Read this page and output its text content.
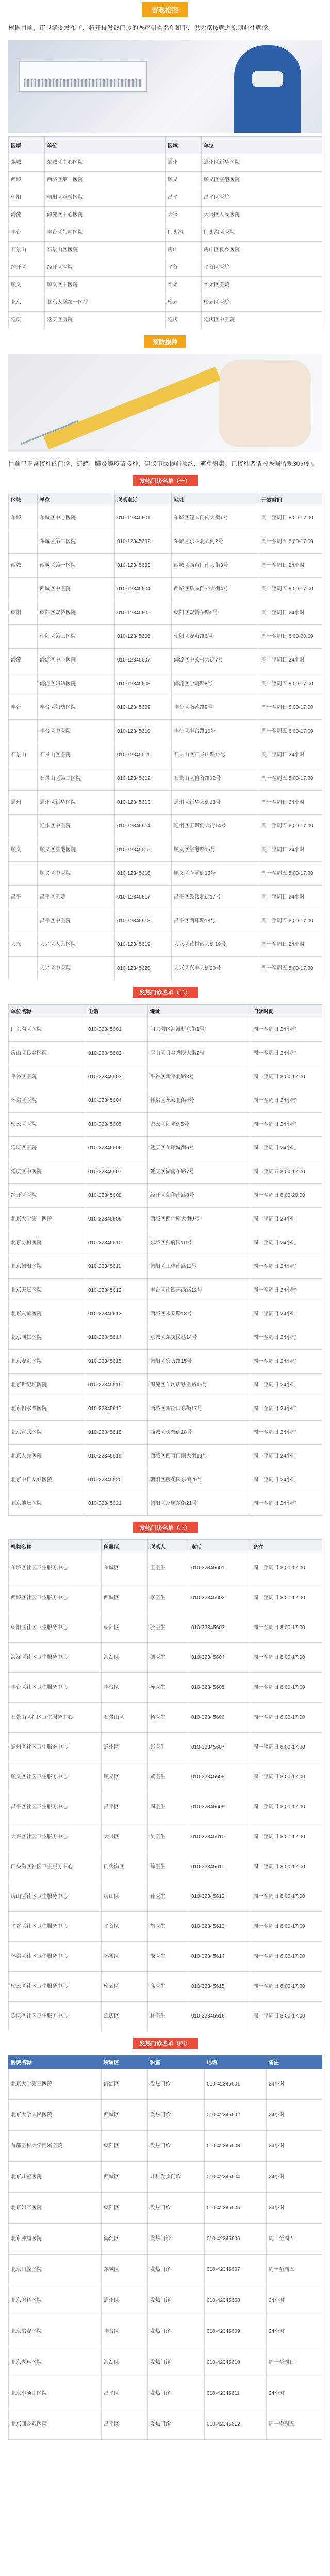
留观指南

根据目前，市卫健委发布了，将开设发热门诊的医疗机构名单如下，供大家按就近原则前往就诊。

区域	单位	区域	单位
东城	东城区中心医院	通州	通州区新华医院
西城	西城区第一医院	顺义	顺义区空港医院
朝阳	朝阳区双桥医院	昌平	昌平区医院
海淀	海淀区中心医院	大兴	大兴区人民医院
丰台	丰台区妇幼医院	门头沟	门头沟区医院
石景山	石景山区医院	房山	房山区良乡医院
经开区	经开区医院	平谷	平谷区医院
顺义	顺义区中医院	怀柔	怀柔区医院
北京	北京大学第一医院	密云	密云区医院
延庆	延庆区医院	延庆	延庆区中医院
预防接种

目前已正常接种的门诊，流感、肺炎等疫苗接种，建议市民提前预约，避免聚集。已接种者请按医嘱留观30分钟。

发热门诊名单（一）
区域	单位	联系电话	地址	开放时间
东城	东城区中心医院	010-12345601	东城区建国门内大街1号	周一至周日 8:00-17:00
	东城区第二医院	010-12345602	东城区东四北大街2号	周一至周五 8:00-17:00
西城	西城区第一医院	010-12345603	西城区西直门南大街3号	周一至周日 24小时
	西城区中医院	010-12345604	西城区阜成门外大街4号	周一至周五 8:00-17:00
朝阳	朝阳区双桥医院	010-12345605	朝阳区双桥东路5号	周一至周日 24小时
	朝阳区第三医院	010-12345606	朝阳区安贞路6号	周一至周日 8:00-20:00
海淀	海淀区中心医院	010-12345607	海淀区中关村大街7号	周一至周日 24小时
	海淀区妇幼医院	010-12345608	海淀区学院路8号	周一至周五 8:00-17:00
丰台	丰台区妇幼医院	010-12345609	丰台区南苑路9号	周一至周日 8:00-17:00
	丰台区中医院	010-12345610	丰台区丰台路10号	周一至周五 8:00-17:00
石景山	石景山区医院	010-12345611	石景山区石景山路11号	周一至周日 24小时
	石景山区第二医院	010-12345612	石景山区鲁谷路12号	周一至周五 8:00-17:00
通州	通州区新华医院	010-12345613	通州区新华大街13号	周一至周日 24小时
	通州区中医院	010-12345614	通州区玉带河大街14号	周一至周五 8:00-17:00
顺义	顺义区空港医院	010-12345615	顺义区空港路15号	周一至周日 24小时
	顺义区中医院	010-12345616	顺义区府前街16号	周一至周五 8:00-17:00
昌平	昌平区医院	010-12345617	昌平区鼓楼北街17号	周一至周日 24小时
	昌平区中医院	010-12345618	昌平区西环路18号	周一至周五 8:00-17:00
大兴	大兴区人民医院	010-12345619	大兴区黄村西大街19号	周一至周日 24小时
	大兴区中医院	010-12345620	大兴区兴丰大街20号	周一至周五 8:00-17:00
发热门诊名单（二）
单位名称	电话	地址	门诊时间
门头沟区医院	010-22345601	门头沟区河滩桥东街1号	周一至周日 24小时
房山区良乡医院	010-22345602	房山区良乡拱辰大街2号	周一至周日 24小时
平谷区医院	010-22345603	平谷区新平北路3号	周一至周日 8:00-17:00
怀柔区医院	010-22345604	怀柔区永泰北街4号	周一至周日 24小时
密云区医院	010-22345605	密云区阳光街5号	周一至周日 24小时
延庆区医院	010-22345606	延庆区东顺城街6号	周一至周日 24小时
延庆区中医院	010-22345607	延庆区湖南东路7号	周一至周五 8:00-17:00
经开区医院	010-22345608	经开区荣华南路8号	周一至周日 8:00-20:00
北京大学第一医院	010-22345609	西城区西什库大街9号	周一至周日 24小时
北京协和医院	010-22345610	东城区帅府园10号	周一至周日 24小时
北京朝阳医院	010-22345611	朝阳区工体南路11号	周一至周日 24小时
北京天坛医院	010-22345612	丰台区南四环西路12号	周一至周日 24小时
北京友谊医院	010-22345613	西城区永安路13号	周一至周日 24小时
北京同仁医院	010-22345614	东城区东交民巷14号	周一至周日 24小时
北京安贞医院	010-22345615	朝阳区安贞路15号	周一至周日 24小时
北京世纪坛医院	010-22345616	海淀区羊坊店铁医路16号	周一至周日 24小时
北京积水潭医院	010-22345617	西城区新街口东街17号	周一至周日 24小时
北京宣武医院	010-22345618	西城区长椿街18号	周一至周日 24小时
北京人民医院	010-22345619	西城区西直门南大街19号	周一至周日 24小时
北京中日友好医院	010-22345620	朝阳区樱花园东街20号	周一至周日 24小时
北京地坛医院	010-22345621	朝阳区京顺东街21号	周一至周日 24小时
发热门诊名单（三）
机构名称	所属区	联系人	电话	备注
东城区社区卫生服务中心	东城区	王医生	010-32345601	周一至周日 8:00-17:00
西城区社区卫生服务中心	西城区	李医生	010-32345602	周一至周日 8:00-17:00
朝阳区社区卫生服务中心	朝阳区	张医生	010-32345603	周一至周日 8:00-17:00
海淀区社区卫生服务中心	海淀区	刘医生	010-32345604	周一至周日 8:00-17:00
丰台区社区卫生服务中心	丰台区	陈医生	010-32345605	周一至周日 8:00-17:00
石景山区社区卫生服务中心	石景山区	杨医生	010-32345606	周一至周日 8:00-17:00
通州区社区卫生服务中心	通州区	赵医生	010-32345607	周一至周日 8:00-17:00
顺义区社区卫生服务中心	顺义区	黄医生	010-32345608	周一至周日 8:00-17:00
昌平区社区卫生服务中心	昌平区	周医生	010-32345609	周一至周日 8:00-17:00
大兴区社区卫生服务中心	大兴区	吴医生	010-32345610	周一至周日 8:00-17:00
门头沟区社区卫生服务中心	门头沟区	徐医生	010-32345611	周一至周日 8:00-17:00
房山区社区卫生服务中心	房山区	孙医生	010-32345612	周一至周日 8:00-17:00
平谷区社区卫生服务中心	平谷区	胡医生	010-32345613	周一至周日 8:00-17:00
怀柔区社区卫生服务中心	怀柔区	朱医生	010-32345614	周一至周日 8:00-17:00
密云区社区卫生服务中心	密云区	高医生	010-32345615	周一至周日 8:00-17:00
延庆区社区卫生服务中心	延庆区	林医生	010-32345616	周一至周日 8:00-17:00
发热门诊名单（四）
医院名称	所属区	科室	电话	备注
北京大学第三医院	海淀区	发热门诊	010-42345601	24小时
北京大学人民医院	西城区	发热门诊	010-42345602	24小时
首都医科大学附属医院	朝阳区	发热门诊	010-42345603	24小时
北京儿童医院	西城区	儿科发热门诊	010-42345604	24小时
北京妇产医院	朝阳区	发热门诊	010-42345605	24小时
北京肿瘤医院	海淀区	发热门诊	010-42345606	周一至周五
北京口腔医院	东城区	发热门诊	010-42345607	周一至周五
北京胸科医院	通州区	发热门诊	010-42345608	24小时
北京佑安医院	丰台区	发热门诊	010-42345609	24小时
北京老年医院	海淀区	发热门诊	010-42345610	周一至周日
北京小汤山医院	昌平区	发热门诊	010-42345611	24小时
北京回龙观医院	昌平区	发热门诊	010-42345612	周一至周五
